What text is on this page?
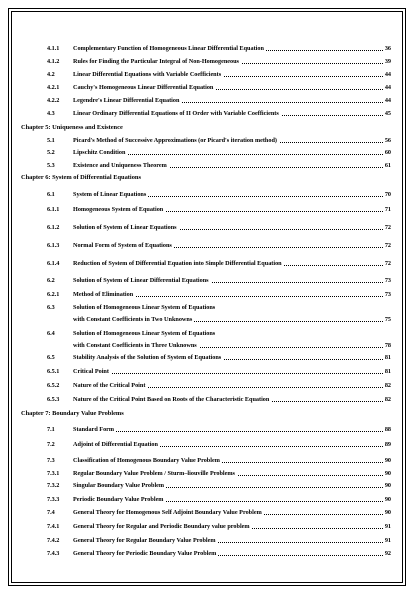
4.1.1 Complementary Function of Homogeneous Linear Differential Equation	36
4.1.2 Rules for Finding the Particular Integral of Non-Homogeneous	39
4.2	Linear Differential Equations with Variable Coefficients	44
4.2.1 Cauchy's Homogeneous Linear Differential Equation	44
4.2.2 Legendre's Linear Differential Equation	44
4.3	Linear Ordinary Differential Equations of II Order with Variable Coefficients	45
Chapter 5: Uniqueness and Existence
5.1	Picard's Method of Successive Approximations (or Picard's iteration method)	56
5.2	Lipschitz Condition	60
5.3	Existence and Uniqueness Theorem	61
Chapter 6: System of Differential Equations
6.1	System of Linear Equations	70
6.1.1 Homogeneous System of Equation	71
6.1.2 Solution of System of Linear Equations	72
6.1.3 Normal Form of System of Equations	72
6.1.4 Reduction of System of Differential Equation into Simple Differential Equation	72
6.2	Solution of System of Linear Differential Equations	73
6.2.1 Method of Elimination	73
6.3	Solution of Homogeneous Linear System of Equations
with Constant Coefficients in Two Unknowns	75
6.4	Solution of Homogeneous Linear System of Equations
with Constant Coefficients in Three Unknowns	78
6.5	Stability Analysis of the Solution of System of Equations	81
6.5.1 Critical Point	81
6.5.2 Nature of the Critical Point	82
6.5.3 Nature of the Critical Point Based on Roots of the Characteristic Equation	82
Chapter 7: Boundary Value Problems
7.1	Standard Form	88
7.2	Adjoint of Differential Equation	89
7.3	Classification of Homogenous Boundary Value Problem	90
7.3.1 Regular Boundary Value Problem / Sturm–liouville Problems	90
7.3.2 Singular Boundary Value Problem	90
7.3.3 Periodic Boundary Value Problem	90
7.4	General Theory for Homogenous Self Adjoint Boundary Value Problem	90
7.4.1 General Theory for Regular and Periodic Boundary value problem	91
7.4.2 General Theory for Regular Boundary Value Problem	91
7.4.3 General Theory for Periodic Boundary Value Problem	92
